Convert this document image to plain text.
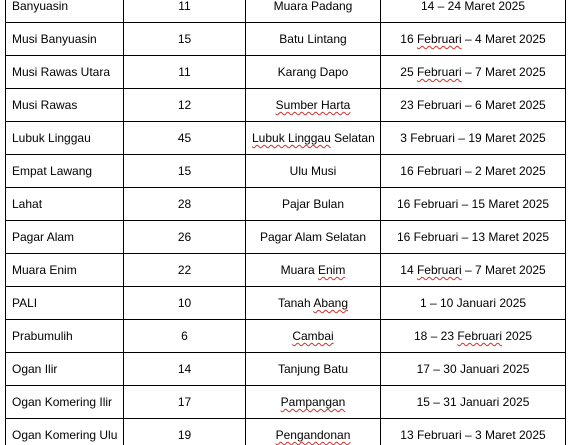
Banyuasin	11	Muara Padang	14 – 24 Maret 2025
Musi Banyuasin	15	Batu Lintang	16 Februari – 4 Maret 2025
Musi Rawas Utara	11	Karang Dapo	25 Februari – 7 Maret 2025
Musi Rawas	12	Sumber Harta	23 Februari – 6 Maret 2025
Lubuk Linggau	45	Lubuk Linggau Selatan	3 Februari – 19 Maret 2025
Empat Lawang	15	Ulu Musi	16 Februari – 2 Maret 2025
Lahat	28	Pajar Bulan	16 Februari – 15 Maret 2025
Pagar Alam	26	Pagar Alam Selatan	16 Februari – 13 Maret 2025
Muara Enim	22	Muara Enim	14 Februari – 7 Maret 2025
PALI	10	Tanah Abang	1 – 10 Januari 2025
Prabumulih	6	Cambai	18 – 23 Februari 2025
Ogan Ilir	14	Tanjung Batu	17 – 30 Januari 2025
Ogan Komering Ilir	17	Pampangan	15 – 31 Januari 2025
Ogan Komering Ulu	19	Pengandonan	13 Februari – 3 Maret 2025
